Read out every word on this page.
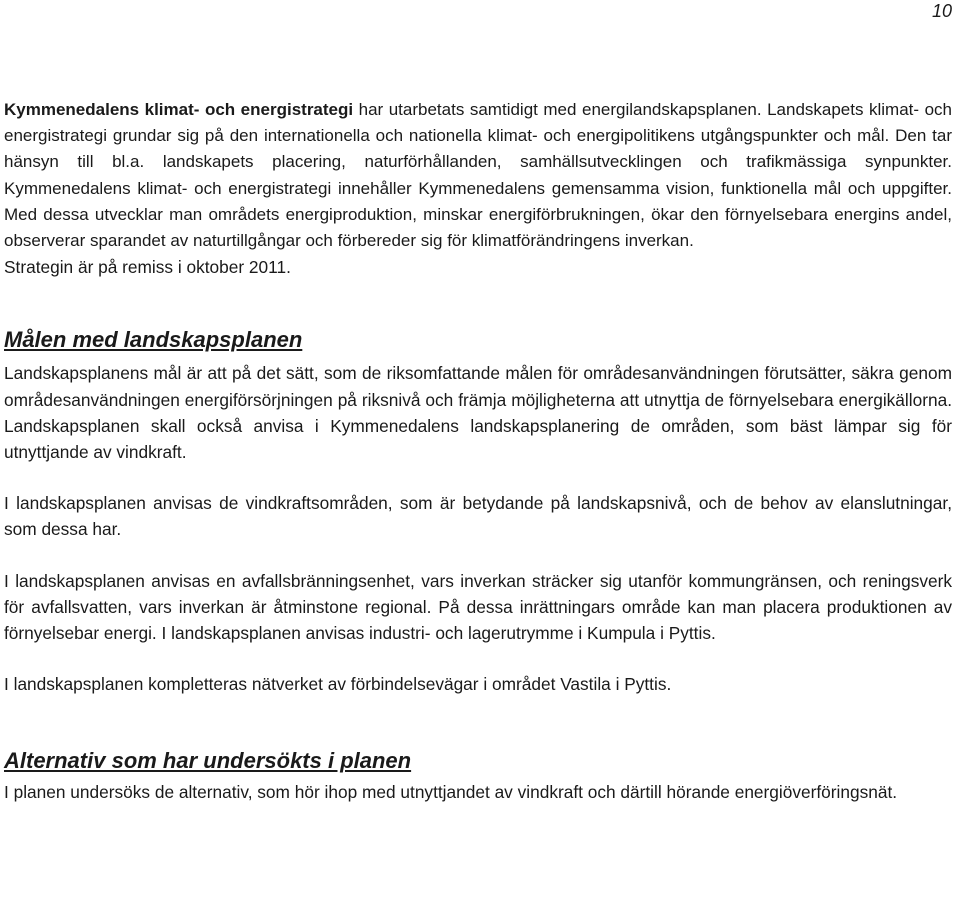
10

Kymmenedalens klimat- och energistrategi har utarbetats samtidigt med energilandskapsplanen. Landskapets klimat- och energistrategi grundar sig på den internationella och nationella klimat- och energipolitikens utgångspunkter och mål. Den tar hänsyn till bl.a. landskapets placering, naturförhållanden, samhällsutvecklingen och trafikmässiga synpunkter. Kymmenedalens klimat- och energistrategi innehåller Kymmenedalens gemensamma vision, funktionella mål och uppgifter. Med dessa utvecklar man områdets energiproduktion, minskar energiförbrukningen, ökar den förnyelsebara energins andel, observerar sparandet av naturtillgångar och förbereder sig för klimatförändringens inverkan.

Strategin är på remiss i oktober 2011.

Målen med landskapsplanen

Landskapsplanens mål är att på det sätt, som de riksomfattande målen för områdesanvändningen förutsätter, säkra genom områdesanvändningen energiförsörjningen på riksnivå och främja möjligheterna att utnyttja de förnyelsebara energikällorna. Landskapsplanen skall också anvisa i Kymmenedalens landskapsplanering de områden, som bäst lämpar sig för utnyttjande av vindkraft.

I landskapsplanen anvisas de vindkraftsområden, som är betydande på landskapsnivå, och de behov av elanslutningar, som dessa har.

I landskapsplanen anvisas en avfallsbränningsenhet, vars inverkan sträcker sig utanför kommungränsen, och reningsverk för avfallsvatten, vars inverkan är åtminstone regional. På dessa inrättningars område kan man placera produktionen av förnyelsebar energi. I landskapsplanen anvisas industri- och lagerutrymme i Kumpula i Pyttis.

I landskapsplanen kompletteras nätverket av förbindelsevägar i området Vastila i Pyttis.

Alternativ som har undersökts i planen

I planen undersöks de alternativ, som hör ihop med utnyttjandet av vindkraft och därtill hörande energiöverföringsnät.
